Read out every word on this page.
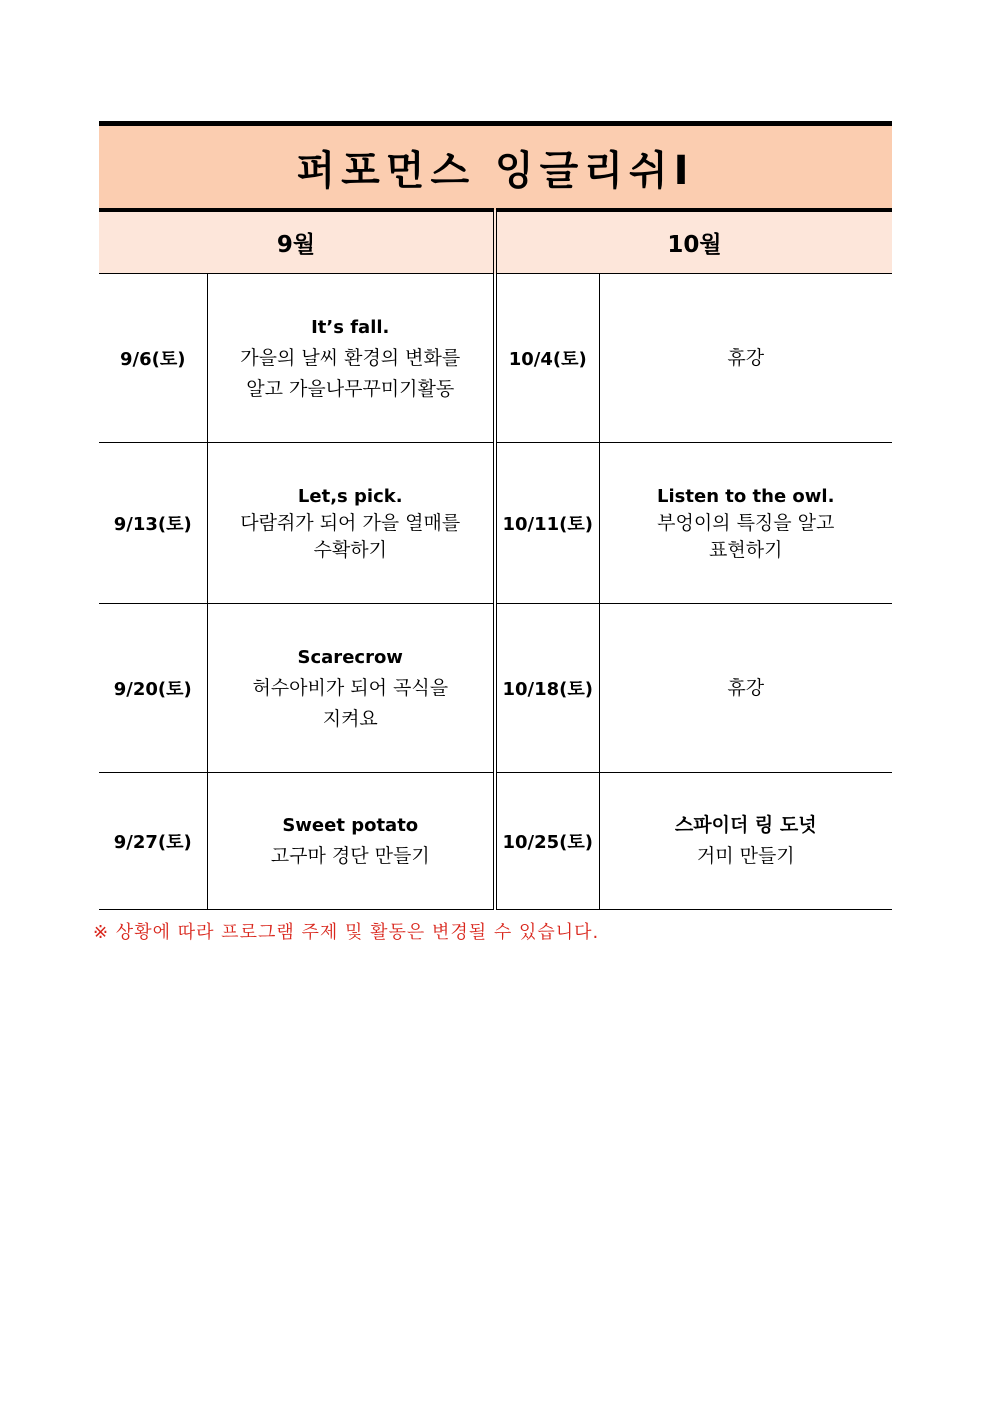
퍼포먼스 잉글리쉬Ⅰ			
9월		10월	
9/6(토)	It’s fall.
가을의 날씨 환경의 변화를
알고 가을나무꾸미기활동	10/4(토)	휴강

9/13(토)	Let,s pick.
다람쥐가 되어 가을 열매를
수확하기	10/11(토)	Listen to the owl.
부엉이의 특징을 알고
표현하기

9/20(토)	Scarecrow
허수아비가 되어 곡식을
지켜요	10/18(토)	휴강

9/27(토)	Sweet potato
고구마 경단 만들기	10/25(토)	스파이더 링 도넛
거미 만들기
※ 상황에 따라 프로그램 주제 및 활동은 변경될 수 있습니다.
